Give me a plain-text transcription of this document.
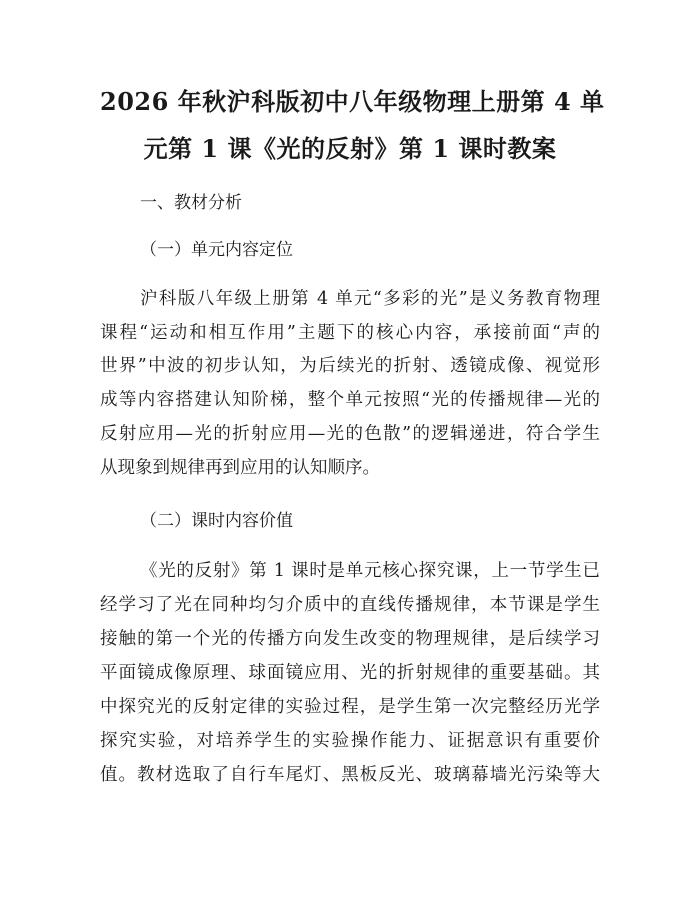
2026 年秋沪科版初中八年级物理上册第 4 单
元第 1 课《光的反射》第 1 课时教案
一、教材分析
（一）单元内容定位
沪科版八年级上册第 4 单元“多彩的光”是义务教育物理
课程“运动和相互作用”主题下的核心内容，承接前面“声的
世界”中波的初步认知，为后续光的折射、透镜成像、视觉形
成等内容搭建认知阶梯，整个单元按照“光的传播规律—光的
反射应用—光的折射应用—光的色散”的逻辑递进，符合学生
从现象到规律再到应用的认知顺序。
（二）课时内容价值
《光的反射》第 1 课时是单元核心探究课，上一节学生已
经学习了光在同种均匀介质中的直线传播规律，本节课是学生
接触的第一个光的传播方向发生改变的物理规律，是后续学习
平面镜成像原理、球面镜应用、光的折射规律的重要基础。其
中探究光的反射定律的实验过程，是学生第一次完整经历光学
探究实验，对培养学生的实验操作能力、证据意识有重要价
值。教材选取了自行车尾灯、黑板反光、玻璃幕墙光污染等大
